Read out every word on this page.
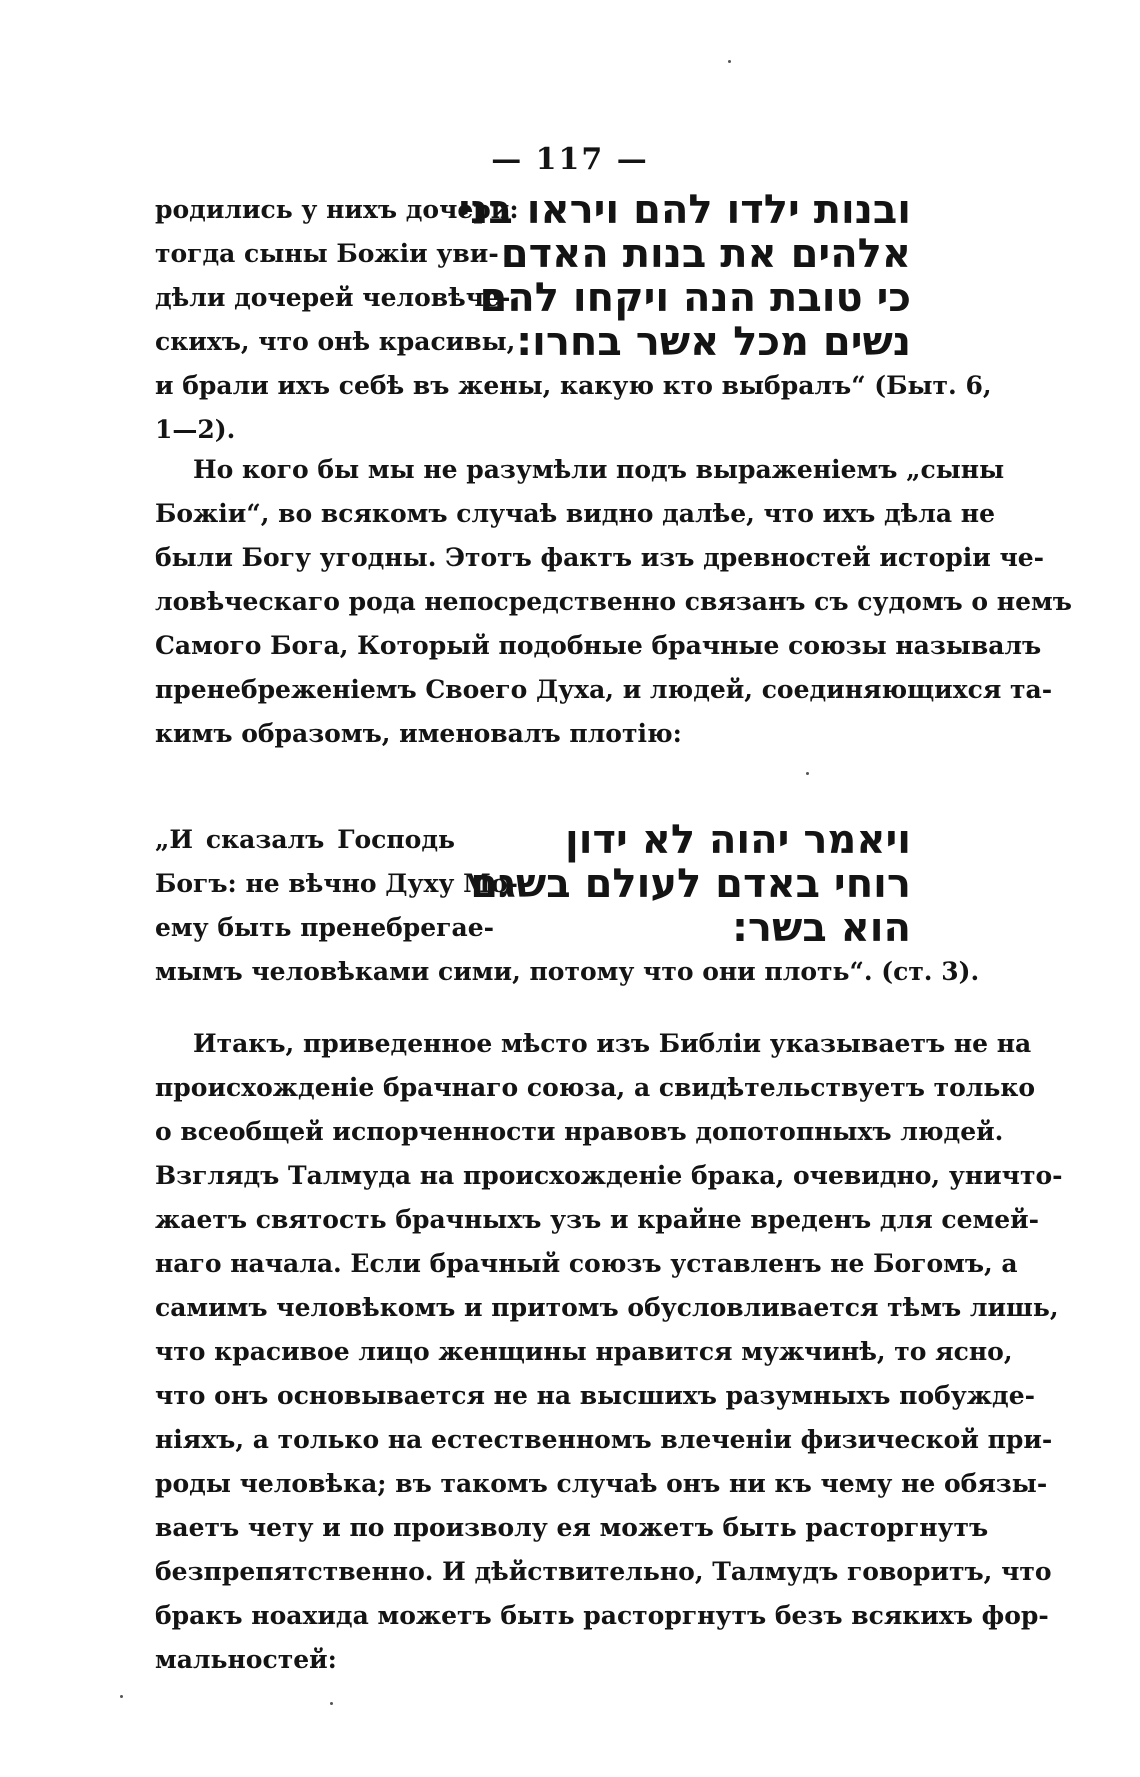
— 117 —
родились у нихъ дочери:
тогда сыны Божіи уви-
дѣли дочерей человѣче-
скихъ, что онѣ красивы,
ובנות ילדו להם ויראו בני
אלהים את בנות האדם
כי טובת הנה ויקחו להם
נשים מכל אשר בחרו:
и брали ихъ себѣ въ жены, какую кто выбралъ“ (Быт. 6,
1—2).
Но кого бы мы не разумѣли подъ выраженіемъ „сыны
Божіи“, во всякомъ случаѣ видно далѣе, что ихъ дѣла не
были Богу угодны. Этотъ фактъ изъ древностей исторіи че-
ловѣческаго рода непосредственно связанъ съ судомъ о немъ
Самого Бога, Который подобные брачные союзы называлъ
пренебреженіемъ Своего Духа, и людей, соединяющихся та-
кимъ образомъ, именовалъ плотію:
„И сказалъ Господь
Богъ: не вѣчно Духу Мо-
ему быть пренебрегае-
ויאמר יהוה לא ידון
רוחי באדם לעולם בשגם
הוא בשר:
мымъ человѣками сими, потому что они плоть“. (ст. 3).
Итакъ, приведенное мѣсто изъ Библіи указываетъ не на
происхожденіе брачнаго союза, а свидѣтельствуетъ только
о всеобщей испорченности нравовъ допотопныхъ людей.
Взглядъ Талмуда на происхожденіе брака, очевидно, уничто-
жаетъ святость брачныхъ узъ и крайне вреденъ для семей-
наго начала. Если брачный союзъ уставленъ не Богомъ, а
самимъ человѣкомъ и притомъ обусловливается тѣмъ лишь,
что красивое лицо женщины нравится мужчинѣ, то ясно,
что онъ основывается не на высшихъ разумныхъ побужде-
ніяхъ, а только на естественномъ влеченіи физической при-
роды человѣка; въ такомъ случаѣ онъ ни къ чему не обязы-
ваетъ чету и по произволу ея можетъ быть расторгнутъ
безпрепятственно. И дѣйствительно, Талмудъ говоритъ, что
бракъ ноахида можетъ быть расторгнутъ безъ всякихъ фор-
мальностей:
